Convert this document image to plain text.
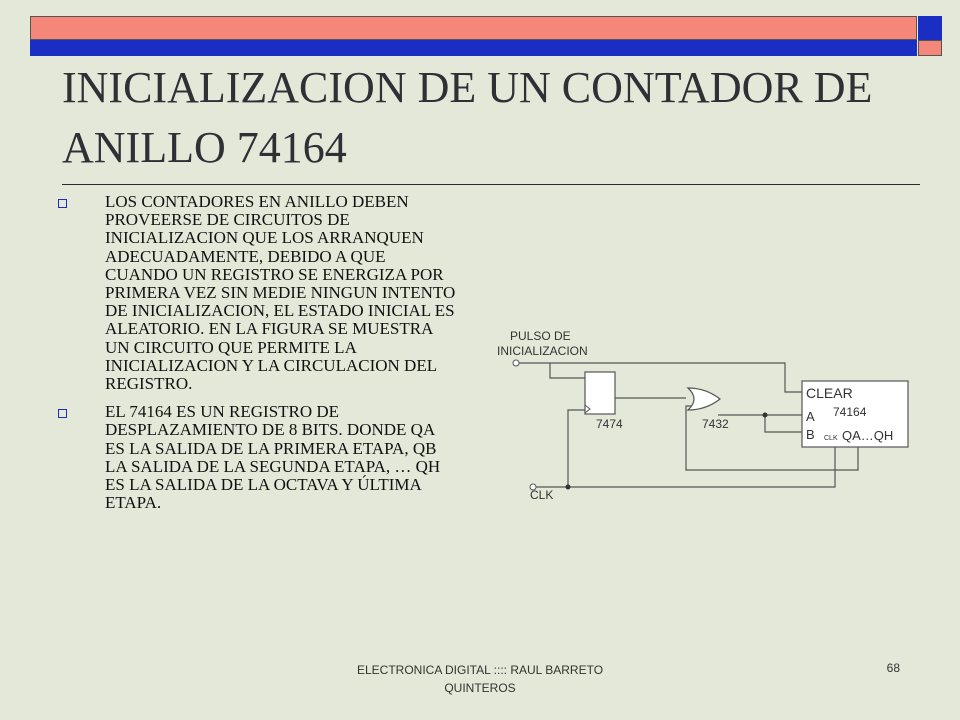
INICIALIZACION DE UN CONTADOR DE ANILLO 74164
LOS CONTADORES EN ANILLO DEBEN PROVEERSE DE CIRCUITOS DE INICIALIZACION QUE LOS ARRANQUEN ADECUADAMENTE, DEBIDO A QUE CUANDO UN REGISTRO SE ENERGIZA POR PRIMERA VEZ SIN MEDIE NINGUN INTENTO DE INICIALIZACION, EL ESTADO INICIAL ES ALEATORIO. EN LA FIGURA SE MUESTRA UN CIRCUITO QUE PERMITE LA INICIALIZACION Y LA CIRCULACION DEL REGISTRO.
EL 74164 ES UN REGISTRO DE DESPLAZAMIENTO DE 8 BITS. DONDE QA ES LA SALIDA DE LA PRIMERA ETAPA, QB LA SALIDA DE LA SEGUNDA ETAPA, … QH ES LA SALIDA DE LA OCTAVA Y ÚLTIMA ETAPA.
PULSO DE
INICIALIZACION
7474	7432
CLEAR
74164
A
B CLK QA…QH
CLK
ELECTRONICA DIGITAL :::: RAUL BARRETO QUINTEROS
68
